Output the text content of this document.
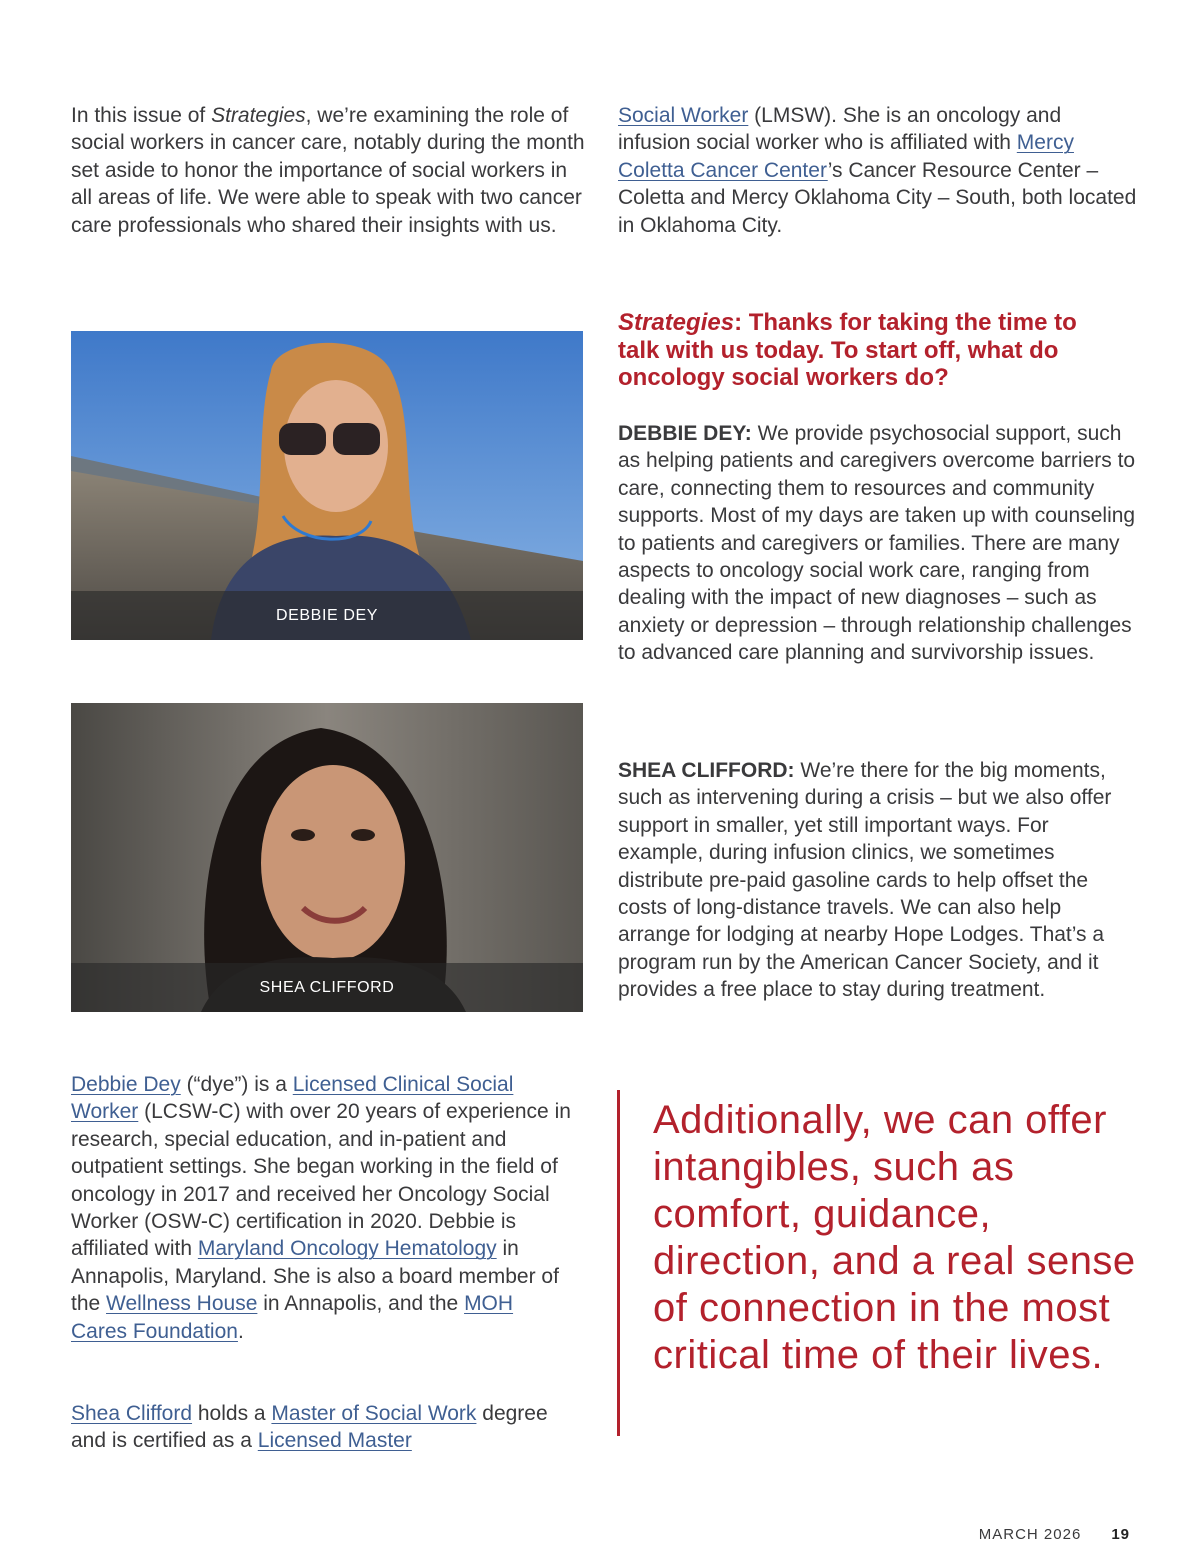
In this issue of Strategies, we’re examining the role of social workers in cancer care, notably during the month set aside to honor the importance of social workers in all areas of life. We were able to speak with two cancer care professionals who shared their insights with us.

DEBBIE DEY
SHEA CLIFFORD

Debbie Dey (“dye”) is a Licensed Clinical Social Worker (LCSW-C) with over 20 years of experience in research, special education, and in-patient and outpatient settings. She began working in the field of oncology in 2017 and received her Oncology Social Worker (OSW-C) certification in 2020. Debbie is affiliated with Maryland Oncology Hematology in Annapolis, Maryland. She is also a board member of the Wellness House in Annapolis, and the MOH Cares Foundation.

Shea Clifford holds a Master of Social Work degree and is certified as a Licensed Master

Social Worker (LMSW). She is an oncology and infusion social worker who is affiliated with Mercy Coletta Cancer Center’s Cancer Resource Center – Coletta and Mercy Oklahoma City – South, both located in Oklahoma City.

Strategies: Thanks for taking the time to talk with us today. To start off, what do oncology social workers do?

DEBBIE DEY: We provide psychosocial support, such as helping patients and caregivers overcome barriers to care, connecting them to resources and community supports. Most of my days are taken up with counseling to patients and caregivers or families. There are many aspects to oncology social work care, ranging from dealing with the impact of new diagnoses – such as anxiety or depression – through relationship challenges to advanced care planning and survivorship issues.

SHEA CLIFFORD: We’re there for the big moments, such as intervening during a crisis – but we also offer support in smaller, yet still important ways. For example, during infusion clinics, we sometimes distribute pre-paid gasoline cards to help offset the costs of long-distance travels. We can also help arrange for lodging at nearby Hope Lodges. That’s a program run by the American Cancer Society, and it provides a free place to stay during treatment.

Additionally, we can offer intangibles, such as comfort, guidance, direction, and a real sense of connection in the most critical time of their lives.
MARCH 2026 19
